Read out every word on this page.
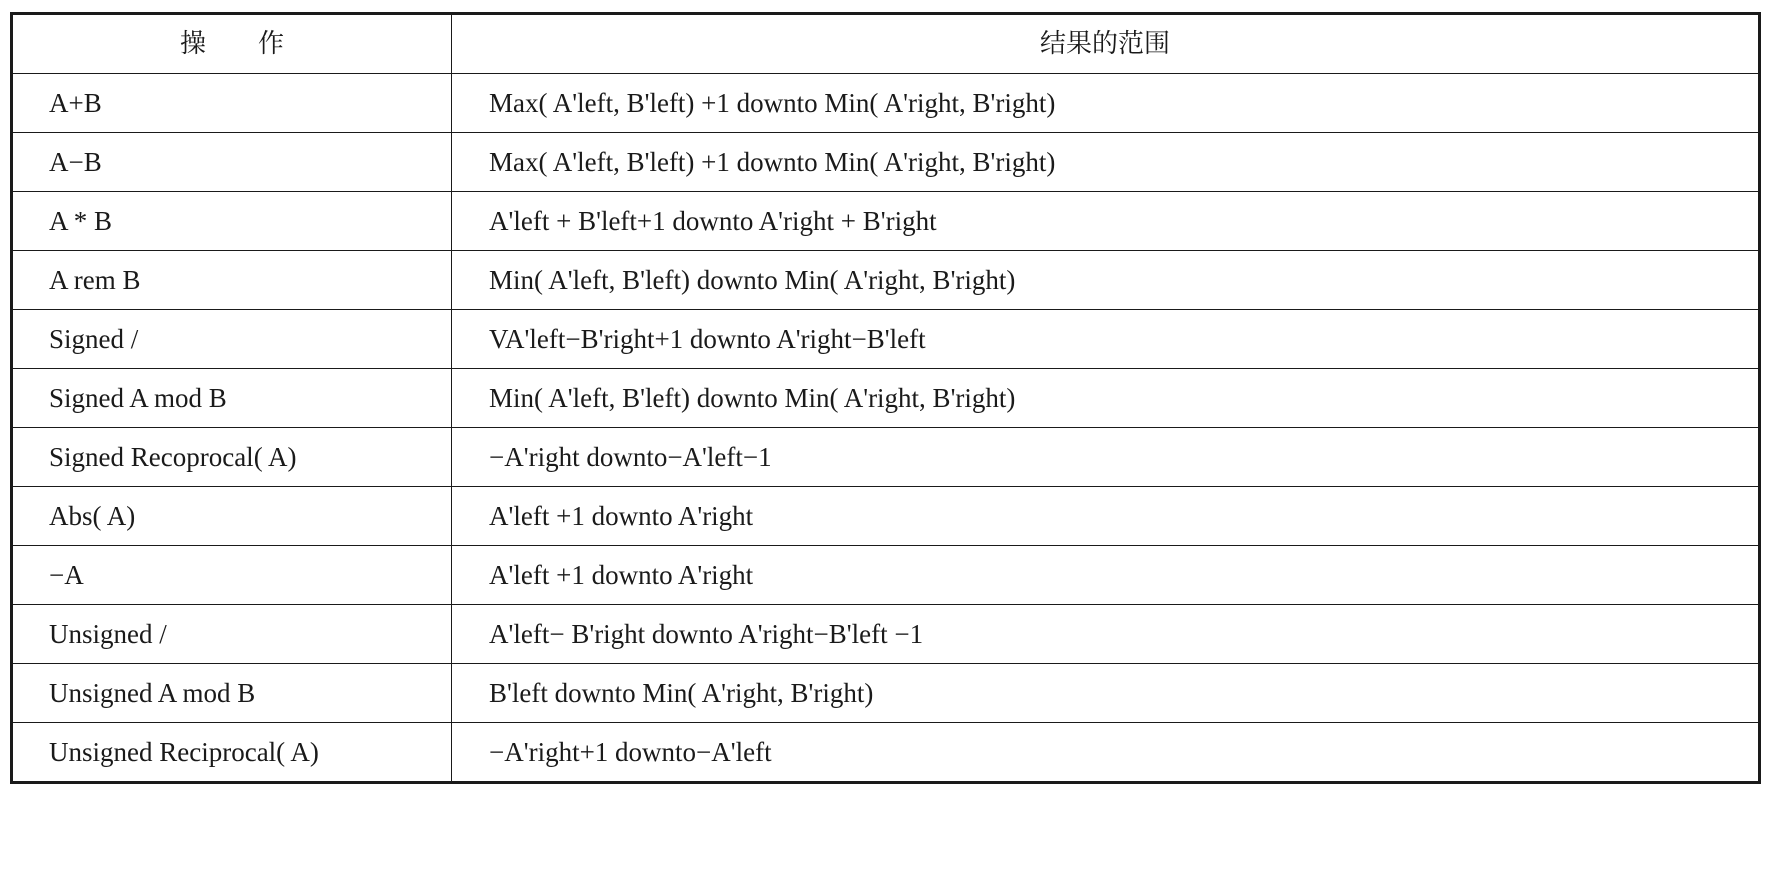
操　　作	结果的范围
A+B	Max( A'left, B'left) +1 downto Min( A'right, B'right)
A−B	Max( A'left, B'left) +1 downto Min( A'right, B'right)
A * B	A'left + B'left+1 downto A'right + B'right
A rem B	Min( A'left, B'left) downto Min( A'right, B'right)
Signed /	VA'left−B'right+1 downto A'right−B'left
Signed A mod B	Min( A'left, B'left) downto Min( A'right, B'right)
Signed Recoprocal( A)	−A'right downto−A'left−1
Abs( A)	A'left +1 downto A'right
−A	A'left +1 downto A'right
Unsigned /	A'left− B'right downto A'right−B'left −1
Unsigned A mod B	B'left downto Min( A'right, B'right)
Unsigned Reciprocal( A)	−A'right+1 downto−A'left
